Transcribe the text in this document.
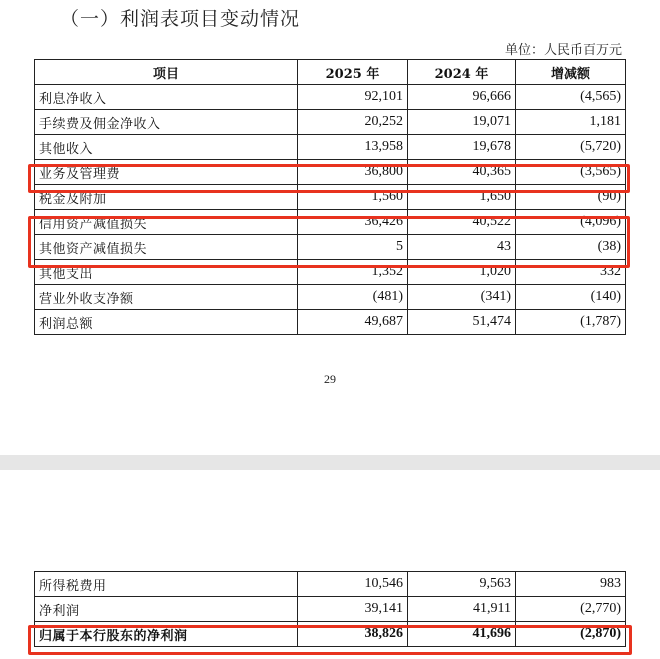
（一）利润表项目变动情况
单位：人民币百万元
项目	2025 年	2024 年	增减额
利息净收入	92,101	96,666	(4,565)
手续费及佣金净收入	20,252	19,071	1,181
其他收入	13,958	19,678	(5,720)
业务及管理费	36,800	40,365	(3,565)
税金及附加	1,560	1,650	(90)
信用资产减值损失	36,426	40,522	(4,096)
其他资产减值损失	5	43	(38)
其他支出	1,352	1,020	332
营业外收支净额	(481)	(341)	(140)
利润总额	49,687	51,474	(1,787)
29
所得税费用	10,546	9,563	983
净利润	39,141	41,911	(2,770)
归属于本行股东的净利润	38,826	41,696	(2,870)
